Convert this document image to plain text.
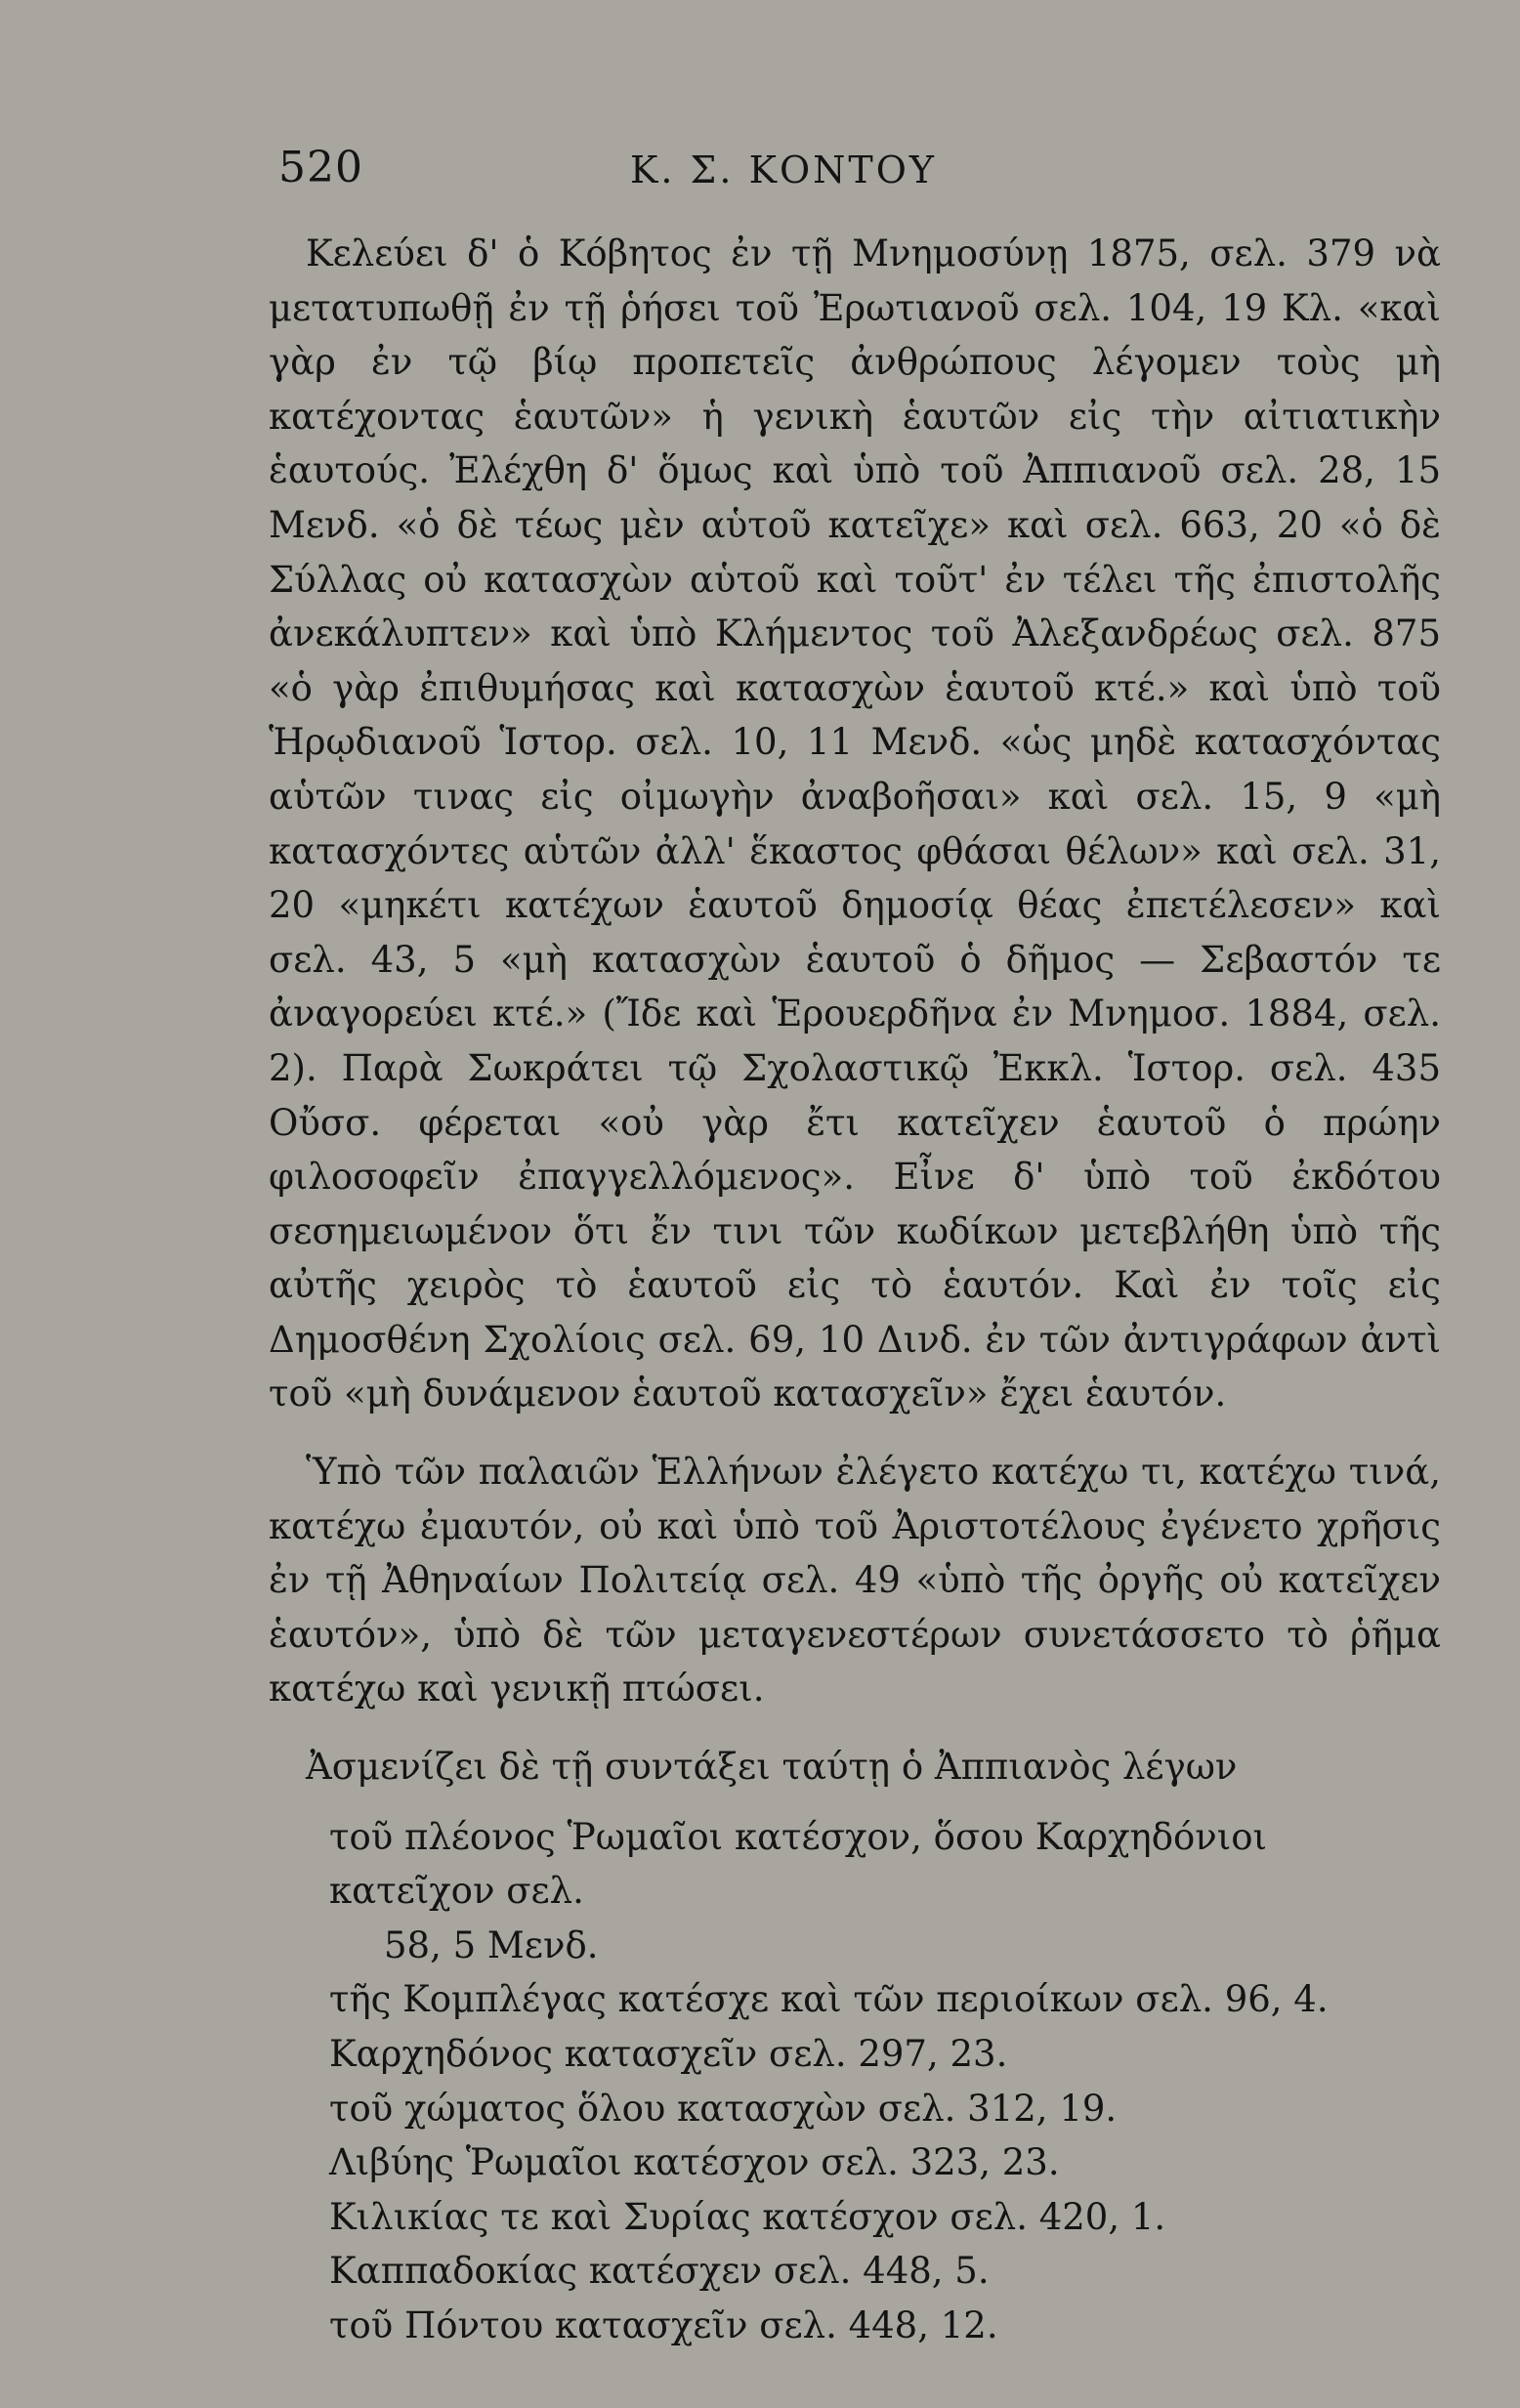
520	Κ. Σ. ΚΟΝΤΟΥ

Κελεύει δ' ὁ Κόβητος ἐν τῇ Μνημοσύνῃ 1875, σελ. 379 νὰ μετατυπωθῇ ἐν τῇ ῥήσει τοῦ Ἐρωτιανοῦ σελ. 104, 19 Κλ. «καὶ γὰρ ἐν τῷ βίῳ προπετεῖς ἀνθρώπους λέγομεν τοὺς μὴ κατέχοντας ἑαυτῶν» ἡ γενικὴ ἑαυτῶν εἰς τὴν αἰτιατικὴν ἑαυτούς. Ἐλέχθη δ' ὅμως καὶ ὑπὸ τοῦ Ἀππιανοῦ σελ. 28, 15 Μενδ. «ὁ δὲ τέως μὲν αὑτοῦ κατεῖχε» καὶ σελ. 663, 20 «ὁ δὲ Σύλλας οὐ κατασχὼν αὑτοῦ καὶ τοῦτ' ἐν τέλει τῆς ἐπιστολῆς ἀνεκάλυπτεν» καὶ ὑπὸ Κλήμεντος τοῦ Ἀλεξανδρέως σελ. 875 «ὁ γὰρ ἐπιθυμήσας καὶ κατασχὼν ἑαυτοῦ κτέ.» καὶ ὑπὸ τοῦ Ἡρῳδιανοῦ Ἱστορ. σελ. 10, 11 Μενδ. «ὡς μηδὲ κατασχόντας αὑτῶν τινας εἰς οἰμωγὴν ἀναβοῆσαι» καὶ σελ. 15, 9 «μὴ κατασχόντες αὑτῶν ἀλλ' ἕκαστος φθάσαι θέλων» καὶ σελ. 31, 20 «μηκέτι κατέχων ἑαυτοῦ δημοσίᾳ θέας ἐπετέλεσεν» καὶ σελ. 43, 5 «μὴ κατασχὼν ἑαυτοῦ ὁ δῆμος — Σεβαστόν τε ἀναγορεύει κτέ.» (Ἴδε καὶ Ἑρουερδῆνα ἐν Μνημοσ. 1884, σελ. 2). Παρὰ Σωκράτει τῷ Σχολαστικῷ Ἐκκλ. Ἱστορ. σελ. 435 Οὔσσ. φέρεται «οὐ γὰρ ἔτι κατεῖχεν ἑαυτοῦ ὁ πρώην φιλοσοφεῖν ἐπαγγελλόμενος». Εἶνε δ' ὑπὸ τοῦ ἐκδότου σεσημειωμένον ὅτι ἔν τινι τῶν κωδίκων μετεβλήθη ὑπὸ τῆς αὐτῆς χειρὸς τὸ ἑαυτοῦ εἰς τὸ ἑαυτόν. Καὶ ἐν τοῖς εἰς Δημοσθένη Σχολίοις σελ. 69, 10 Δινδ. ἐν τῶν ἀντιγράφων ἀντὶ τοῦ «μὴ δυνάμενον ἑαυτοῦ κατασχεῖν» ἔχει ἑαυτόν.

Ὑπὸ τῶν παλαιῶν Ἑλλήνων ἐλέγετο κατέχω τι, κατέχω τινά, κατέχω ἐμαυτόν, οὐ καὶ ὑπὸ τοῦ Ἀριστοτέλους ἐγένετο χρῆσις ἐν τῇ Ἀθηναίων Πολιτείᾳ σελ. 49 «ὑπὸ τῆς ὀργῆς οὐ κατεῖχεν ἑαυτόν», ὑπὸ δὲ τῶν μεταγενεστέρων συνετάσσετο τὸ ῥῆμα κατέχω καὶ γενικῇ πτώσει.

Ἀσμενίζει δὲ τῇ συντάξει ταύτῃ ὁ Ἀππιανὸς λέγων

τοῦ πλέονος Ῥωμαῖοι κατέσχον, ὅσου Καρχηδόνιοι κατεῖχον σελ.
58, 5 Μενδ.
τῆς Κομπλέγας κατέσχε καὶ τῶν περιοίκων σελ. 96, 4.
Καρχηδόνος κατασχεῖν σελ. 297, 23.
τοῦ χώματος ὅλου κατασχὼν σελ. 312, 19.
Λιβύης Ῥωμαῖοι κατέσχον σελ. 323, 23.
Κιλικίας τε καὶ Συρίας κατέσχον σελ. 420, 1.
Καππαδοκίας κατέσχεν σελ. 448, 5.
τοῦ Πόντου κατασχεῖν σελ. 448, 12.
